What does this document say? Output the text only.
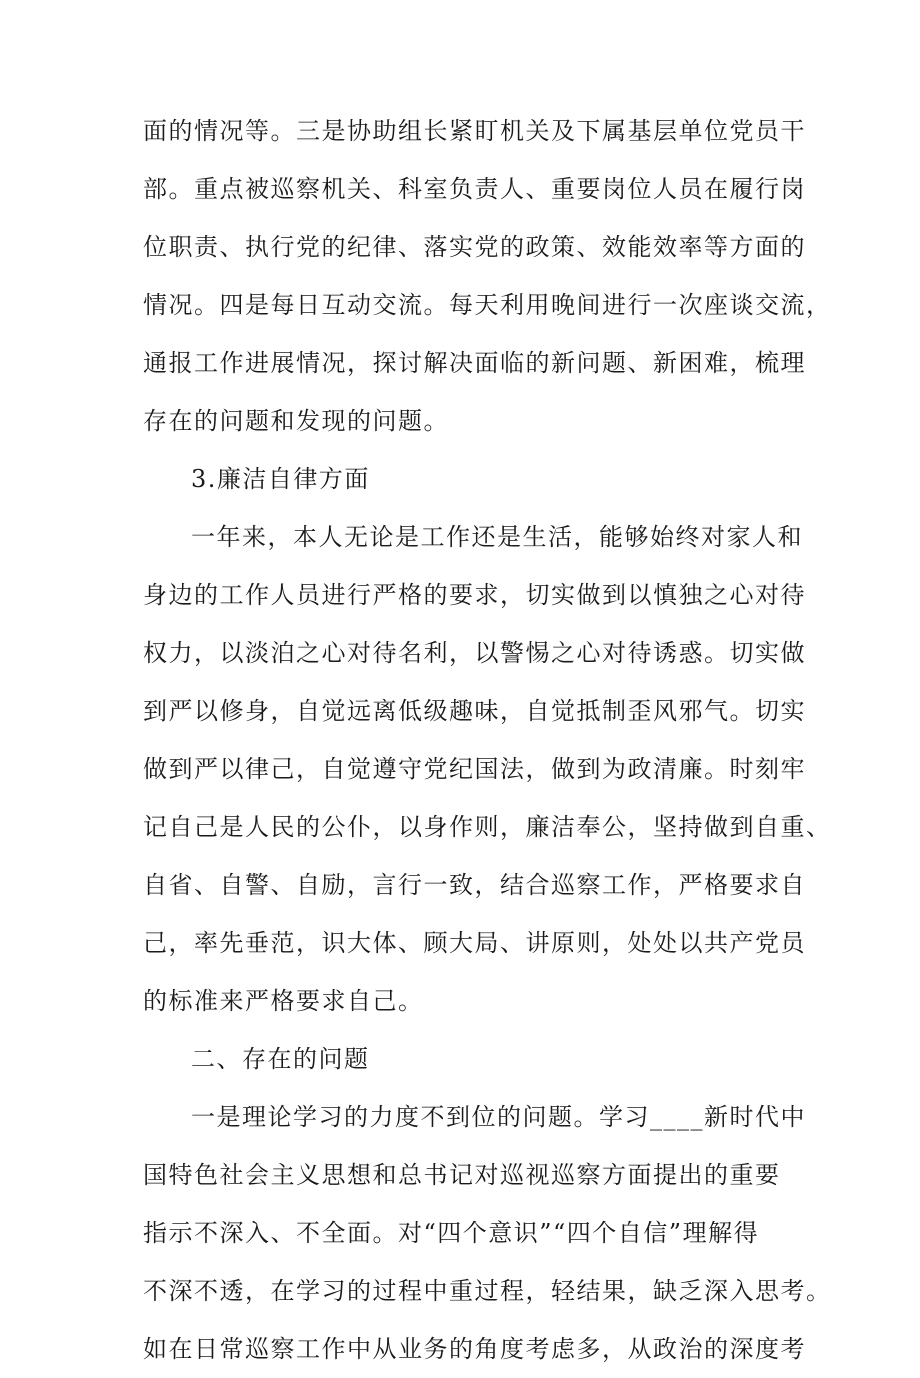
面的情况等。三是协助组长紧盯机关及下属基层单位党员干
部。重点被巡察机关、科室负责人、重要岗位人员在履行岗
位职责、执行党的纪律、落实党的政策、效能效率等方面的
情况。四是每日互动交流。每天利用晚间进行一次座谈交流，
通报工作进展情况，探讨解决面临的新问题、新困难，梳理
存在的问题和发现的问题。
3.廉洁自律方面
一年来，本人无论是工作还是生活，能够始终对家人和
身边的工作人员进行严格的要求，切实做到以慎独之心对待
权力，以淡泊之心对待名利，以警惕之心对待诱惑。切实做
到严以修身，自觉远离低级趣味，自觉抵制歪风邪气。切实
做到严以律己，自觉遵守党纪国法，做到为政清廉。时刻牢
记自己是人民的公仆，以身作则，廉洁奉公，坚持做到自重、
自省、自警、自励，言行一致，结合巡察工作，严格要求自
己，率先垂范，识大体、顾大局、讲原则，处处以共产党员
的标准来严格要求自己。
二、存在的问题
一是理论学习的力度不到位的问题。学习____新时代中
国特色社会主义思想和总书记对巡视巡察方面提出的重要
指示不深入、不全面。对“四个意识”“四个自信”理解得
不深不透，在学习的过程中重过程，轻结果，缺乏深入思考。
如在日常巡察工作中从业务的角度考虑多，从政治的深度考
